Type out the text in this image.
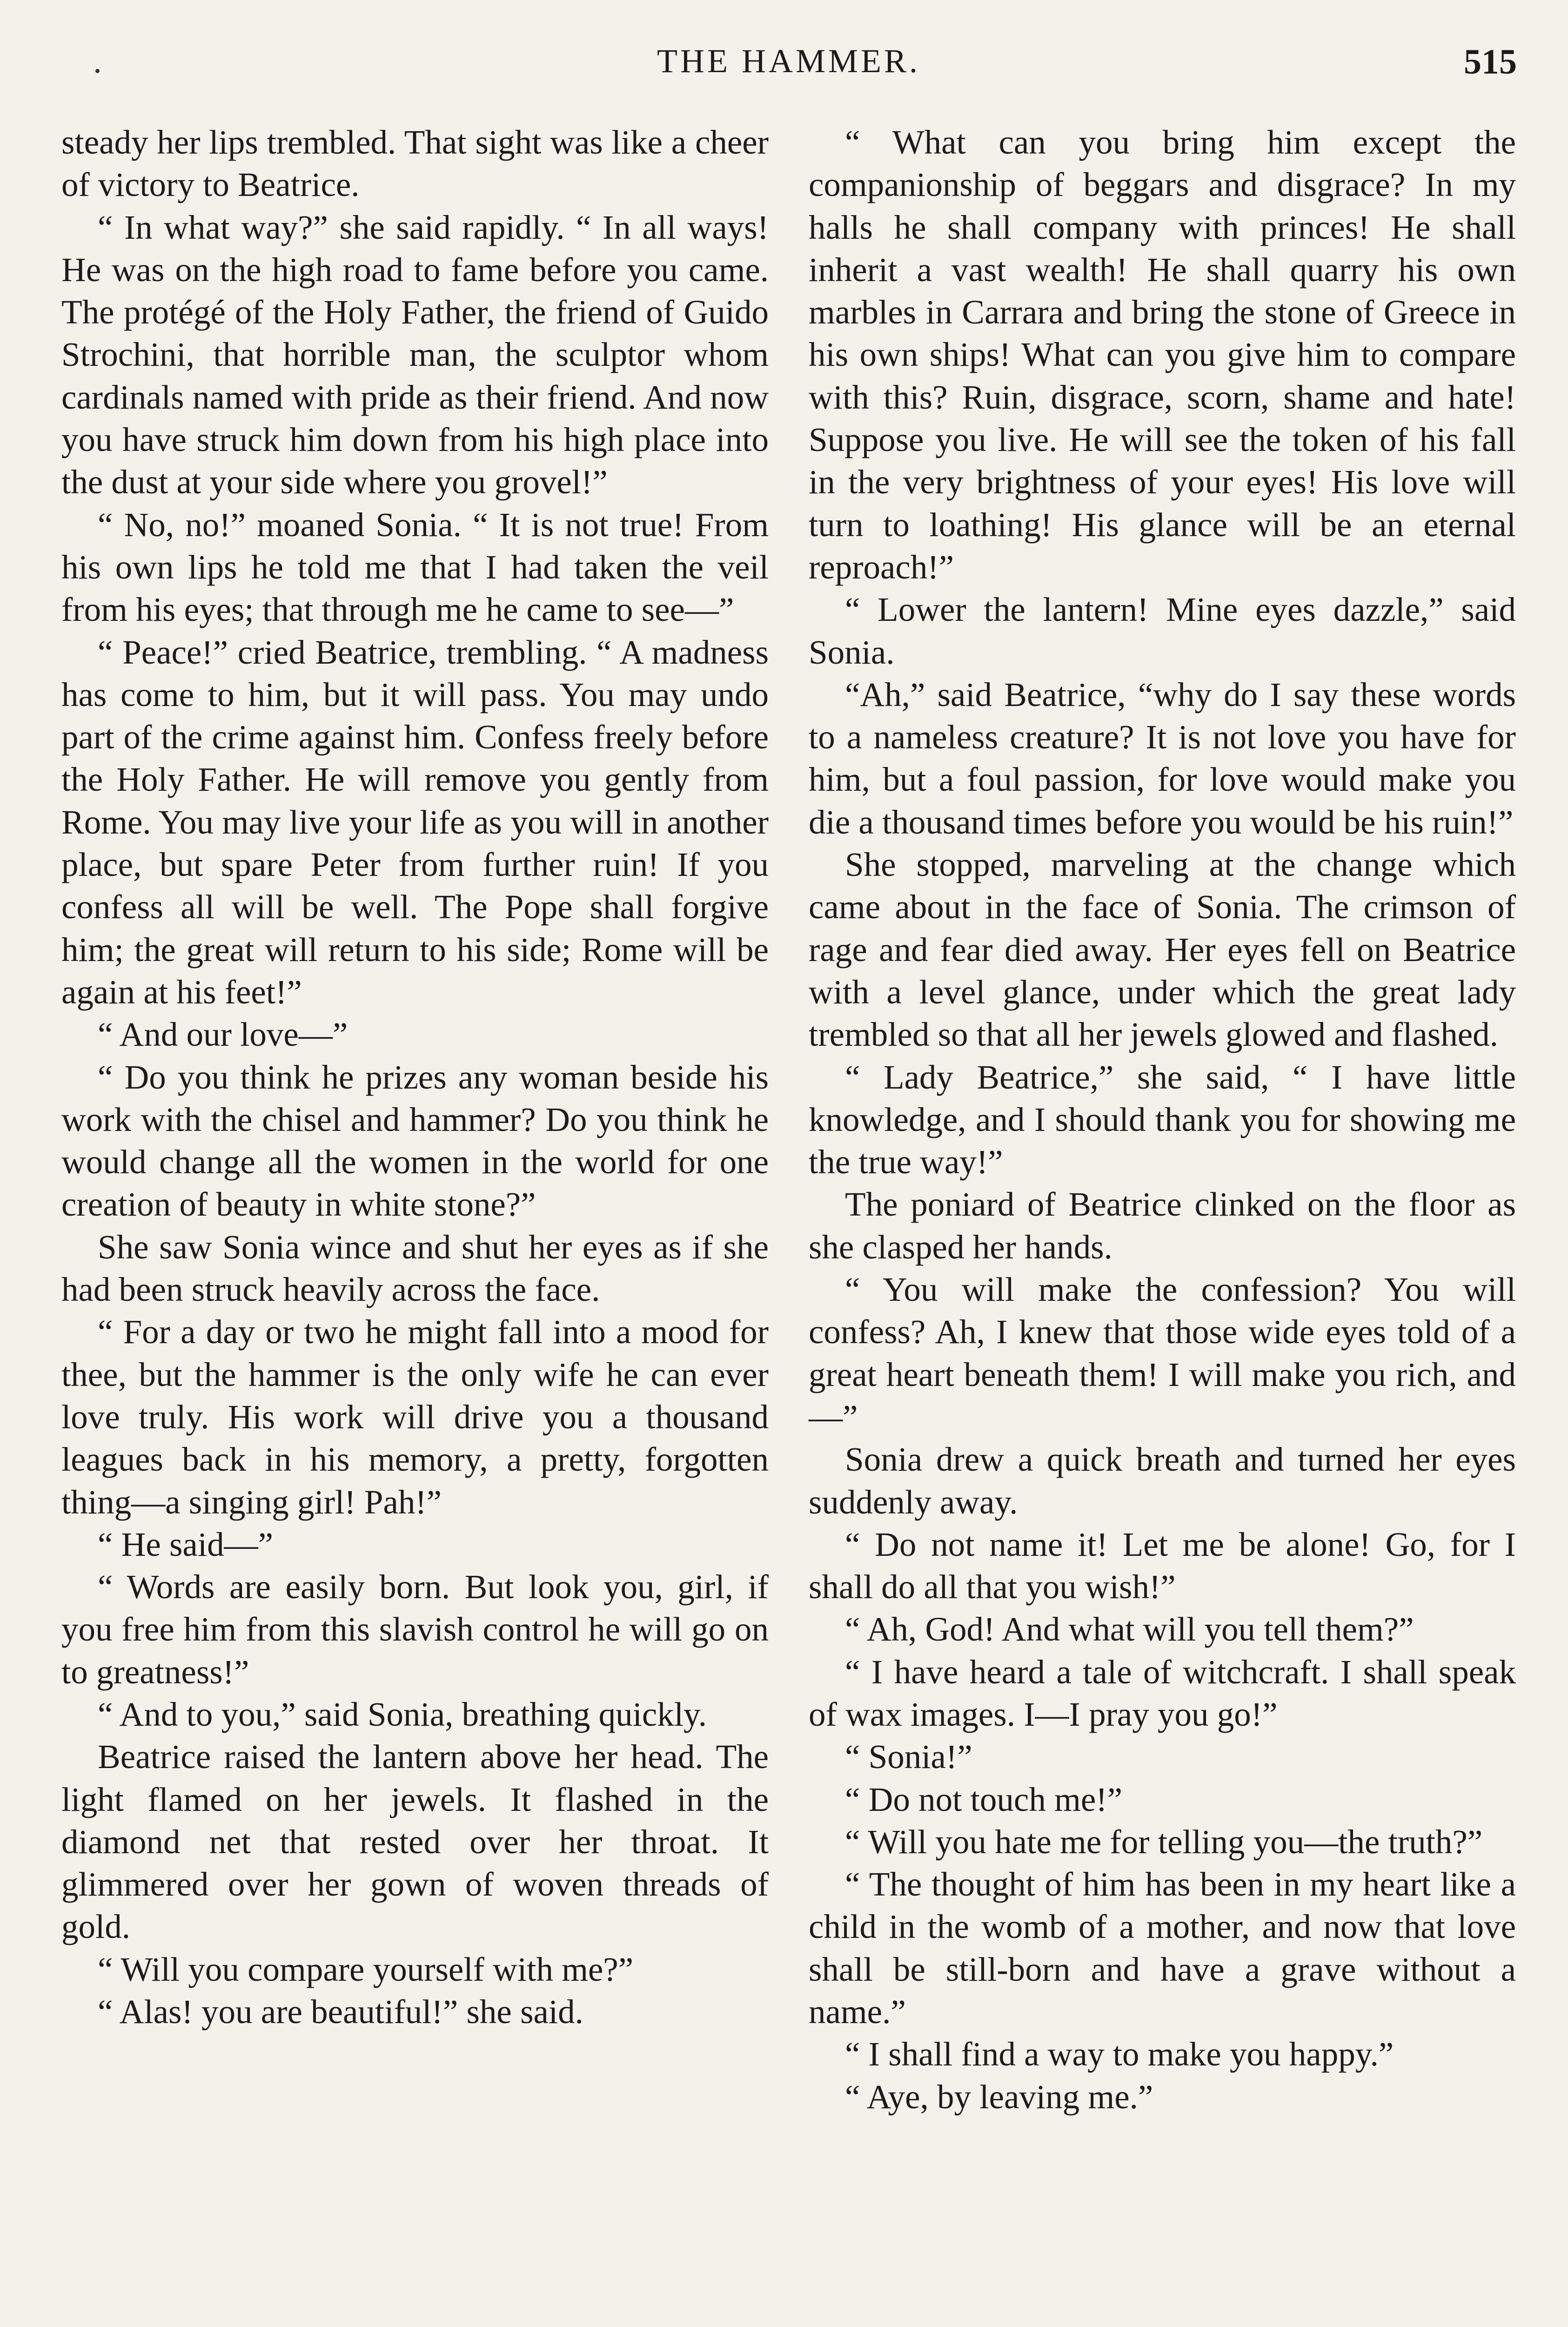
THE HAMMER.	515

steady her lips trembled. That sight was like a cheer of victory to Beatrice.

“ In what way?” she said rapidly. “ In all ways! He was on the high road to fame before you came. The protégé of the Holy Father, the friend of Guido Strochini, that horrible man, the sculptor whom cardinals named with pride as their friend. And now you have struck him down from his high place into the dust at your side where you grovel!”

“ No, no!” moaned Sonia. “ It is not true! From his own lips he told me that I had taken the veil from his eyes; that through me he came to see—”

“ Peace!” cried Beatrice, trembling. “ A madness has come to him, but it will pass. You may undo part of the crime against him. Confess freely before the Holy Father. He will remove you gently from Rome. You may live your life as you will in another place, but spare Peter from further ruin! If you confess all will be well. The Pope shall forgive him; the great will return to his side; Rome will be again at his feet!”

“ And our love—”

“ Do you think he prizes any woman beside his work with the chisel and hammer? Do you think he would change all the women in the world for one creation of beauty in white stone?”

She saw Sonia wince and shut her eyes as if she had been struck heavily across the face.

“ For a day or two he might fall into a mood for thee, but the hammer is the only wife he can ever love truly. His work will drive you a thousand leagues back in his memory, a pretty, forgotten thing—a singing girl! Pah!”

“ He said—”

“ Words are easily born. But look you, girl, if you free him from this slavish control he will go on to greatness!”

“ And to you,” said Sonia, breathing quickly.

Beatrice raised the lantern above her head. The light flamed on her jewels. It flashed in the diamond net that rested over her throat. It glimmered over her gown of woven threads of gold.

“ Will you compare yourself with me?”

“ Alas! you are beautiful!” she said.

“ What can you bring him except the companionship of beggars and disgrace? In my halls he shall company with princes! He shall inherit a vast wealth! He shall quarry his own marbles in Carrara and bring the stone of Greece in his own ships! What can you give him to compare with this? Ruin, disgrace, scorn, shame and hate! Suppose you live. He will see the token of his fall in the very brightness of your eyes! His love will turn to loathing! His glance will be an eternal reproach!”

“ Lower the lantern! Mine eyes dazzle,” said Sonia.

“Ah,” said Beatrice, “why do I say these words to a nameless creature? It is not love you have for him, but a foul passion, for love would make you die a thousand times before you would be his ruin!”

She stopped, marveling at the change which came about in the face of Sonia. The crimson of rage and fear died away. Her eyes fell on Beatrice with a level glance, under which the great lady trembled so that all her jewels glowed and flashed.

“ Lady Beatrice,” she said, “ I have little knowledge, and I should thank you for showing me the true way!”

The poniard of Beatrice clinked on the floor as she clasped her hands.

“ You will make the confession? You will confess? Ah, I knew that those wide eyes told of a great heart beneath them! I will make you rich, and—”

Sonia drew a quick breath and turned her eyes suddenly away.

“ Do not name it! Let me be alone! Go, for I shall do all that you wish!”

“ Ah, God! And what will you tell them?”

“ I have heard a tale of witchcraft. I shall speak of wax images. I—I pray you go!”

“ Sonia!”

“ Do not touch me!”

“ Will you hate me for telling you—the truth?”

“ The thought of him has been in my heart like a child in the womb of a mother, and now that love shall be still-born and have a grave without a name.”

“ I shall find a way to make you happy.”

“ Aye, by leaving me.”
